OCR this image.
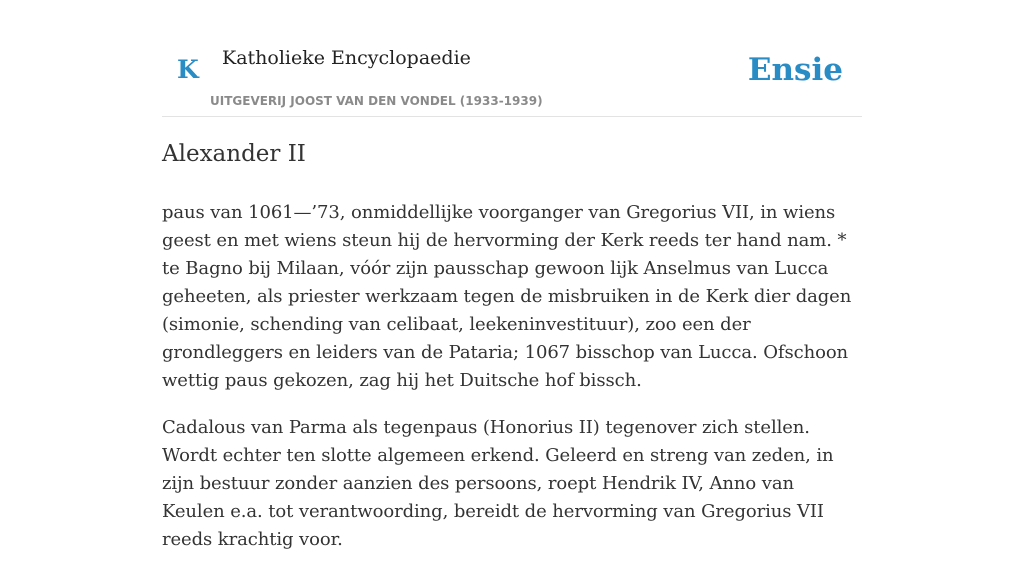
K Katholieke Encyclopaedie
UITGEVERIJ JOOST VAN DEN VONDEL (1933-1939)
Ensie
Alexander II

paus van 1061—’73, onmiddellijke voorganger van Gregorius VII, in wiens geest en met wiens steun hij de hervorming der Kerk reeds ter hand nam. * te Bagno bij Milaan, vóór zijn pausschap gewoon lijk Anselmus van Lucca geheeten, als priester werkzaam tegen de misbruiken in de Kerk dier dagen (simonie, schending van celibaat, leekeninvestituur), zoo een der grondleggers en leiders van de Pataria; 1067 bisschop van Lucca. Ofschoon wettig paus gekozen, zag hij het Duitsche hof bissch.

Cadalous van Parma als tegenpaus (Honorius II) tegenover zich stellen. Wordt echter ten slotte algemeen erkend. Geleerd en streng van zeden, in zijn bestuur zonder aanzien des persoons, roept Hendrik IV, Anno van Keulen e.a. tot verantwoording, bereidt de hervorming van Gregorius VII reeds krachtig voor.
